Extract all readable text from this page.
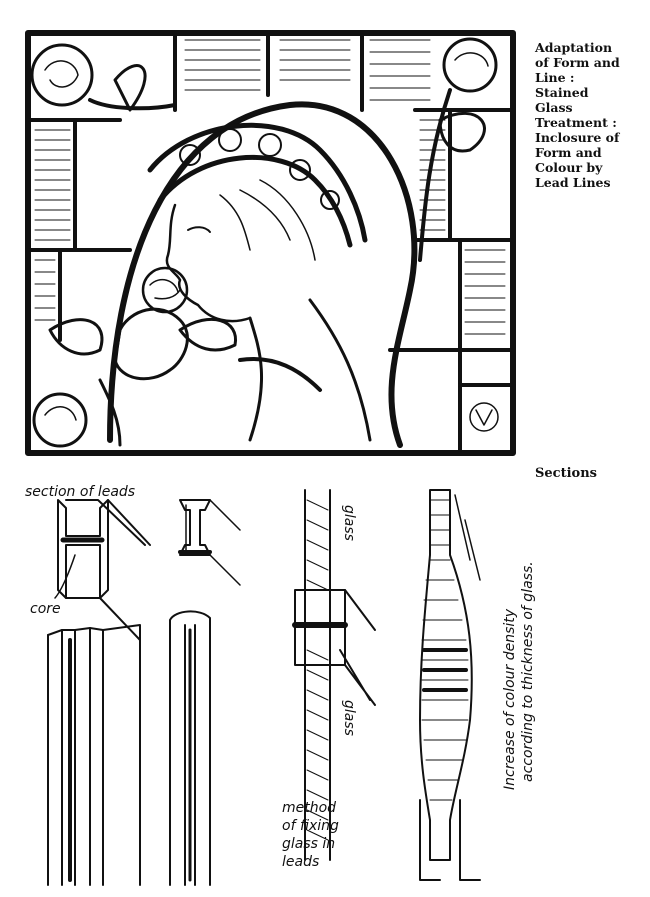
Adaptation
of Form and
Line :
Stained
Glass
Treatment :
Inclosure of
Form and
Colour by
Lead Lines
Sections
section of leads
core
glass
glass
method
of fixing
glass in
leads
Increase of colour density according to thickness of glass.
